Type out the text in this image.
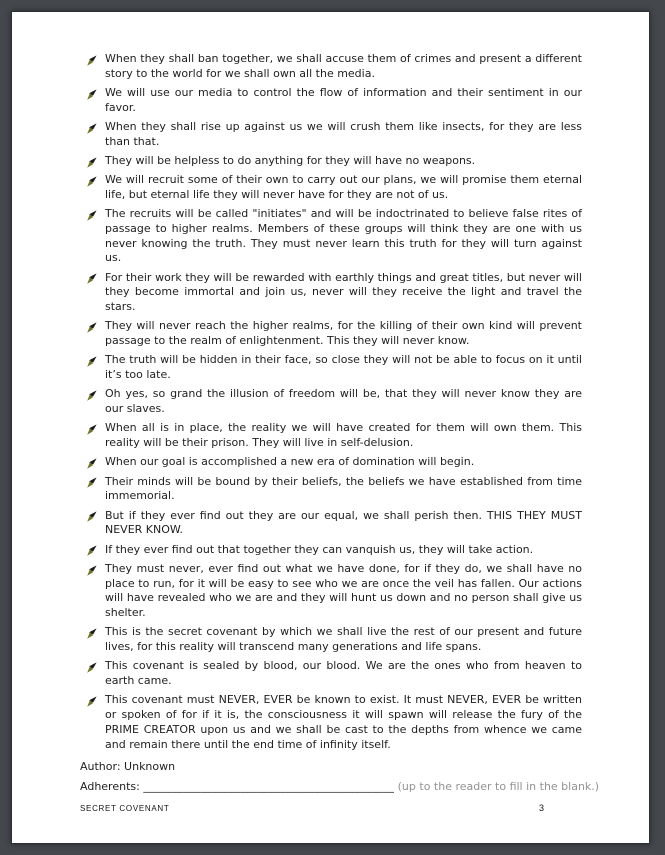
When they shall ban together, we shall accuse them of crimes and present a different story to the world for we shall own all the media.
We will use our media to control the flow of information and their sentiment in our favor.
When they shall rise up against us we will crush them like insects, for they are less than that.
They will be helpless to do anything for they will have no weapons.
We will recruit some of their own to carry out our plans, we will promise them eternal life, but eternal life they will never have for they are not of us.
The recruits will be called "initiates" and will be indoctrinated to believe false rites of passage to higher realms. Members of these groups will think they are one with us never knowing the truth. They must never learn this truth for they will turn against us.
For their work they will be rewarded with earthly things and great titles, but never will they become immortal and join us, never will they receive the light and travel the stars.
They will never reach the higher realms, for the killing of their own kind will prevent passage to the realm of enlightenment. This they will never know.
The truth will be hidden in their face, so close they will not be able to focus on it until it’s too late.
Oh yes, so grand the illusion of freedom will be, that they will never know they are our slaves.
When all is in place, the reality we will have created for them will own them. This reality will be their prison. They will live in self-delusion.
When our goal is accomplished a new era of domination will begin.
Their minds will be bound by their beliefs, the beliefs we have established from time immemorial.
But if they ever find out they are our equal, we shall perish then. THIS THEY MUST NEVER KNOW.
If they ever find out that together they can vanquish us, they will take action.
They must never, ever find out what we have done, for if they do, we shall have no place to run, for it will be easy to see who we are once the veil has fallen. Our actions will have revealed who we are and they will hunt us down and no person shall give us shelter.
This is the secret covenant by which we shall live the rest of our present and future lives, for this reality will transcend many generations and life spans.
This covenant is sealed by blood, our blood. We are the ones who from heaven to earth came.
This covenant must NEVER, EVER be known to exist. It must NEVER, EVER be written or spoken of for if it is, the consciousness it will spawn will release the fury of the PRIME CREATOR upon us and we shall be cast to the depths from whence we came and remain there until the end time of infinity itself.

Author: Unknown

Adherents: ____________________________________________ (up to the reader to fill in the blank.)

SECRET COVENANT	3
